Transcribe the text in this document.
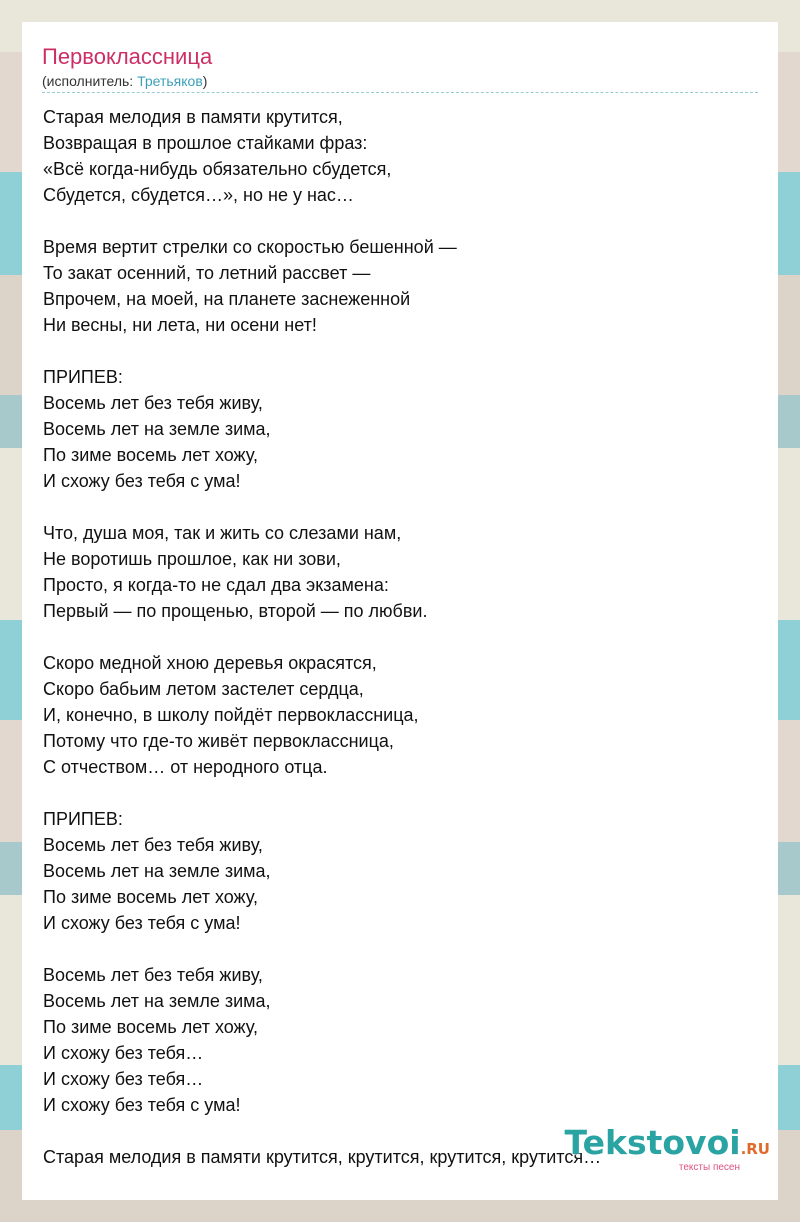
Первоклассница
(исполнитель: Третьяков)
Старая мелодия в памяти крутится,
Возвращая в прошлое стайками фраз:
«Всё когда-нибудь обязательно сбудется,
Сбудется, сбудется…», но не у нас…
Время вертит стрелки со скоростью бешенной —
То закат осенний, то летний рассвет —
Впрочем, на моей, на планете заснеженной
Ни весны, ни лета, ни осени нет!
ПРИПЕВ:
Восемь лет без тебя живу,
Восемь лет на земле зима,
По зиме восемь лет хожу,
И схожу без тебя с ума!
Что, душа моя, так и жить со слезами нам,
Не воротишь прошлое, как ни зови,
Просто, я когда-то не сдал два экзамена:
Первый — по прощенью, второй — по любви.
Скоро медной хною деревья окрасятся,
Скоро бабьим летом застелет сердца,
И, конечно, в школу пойдёт первоклассница,
Потому что где-то живёт первоклассница,
С отчеством… от неродного отца.
ПРИПЕВ:
Восемь лет без тебя живу,
Восемь лет на земле зима,
По зиме восемь лет хожу,
И схожу без тебя с ума!
Восемь лет без тебя живу,
Восемь лет на земле зима,
По зиме восемь лет хожу,
И схожу без тебя…
И схожу без тебя…
И схожу без тебя с ума!
Старая мелодия в памяти крутится, крутится, крутится, крутится…
Tekstovoi.RU
тексты песен
